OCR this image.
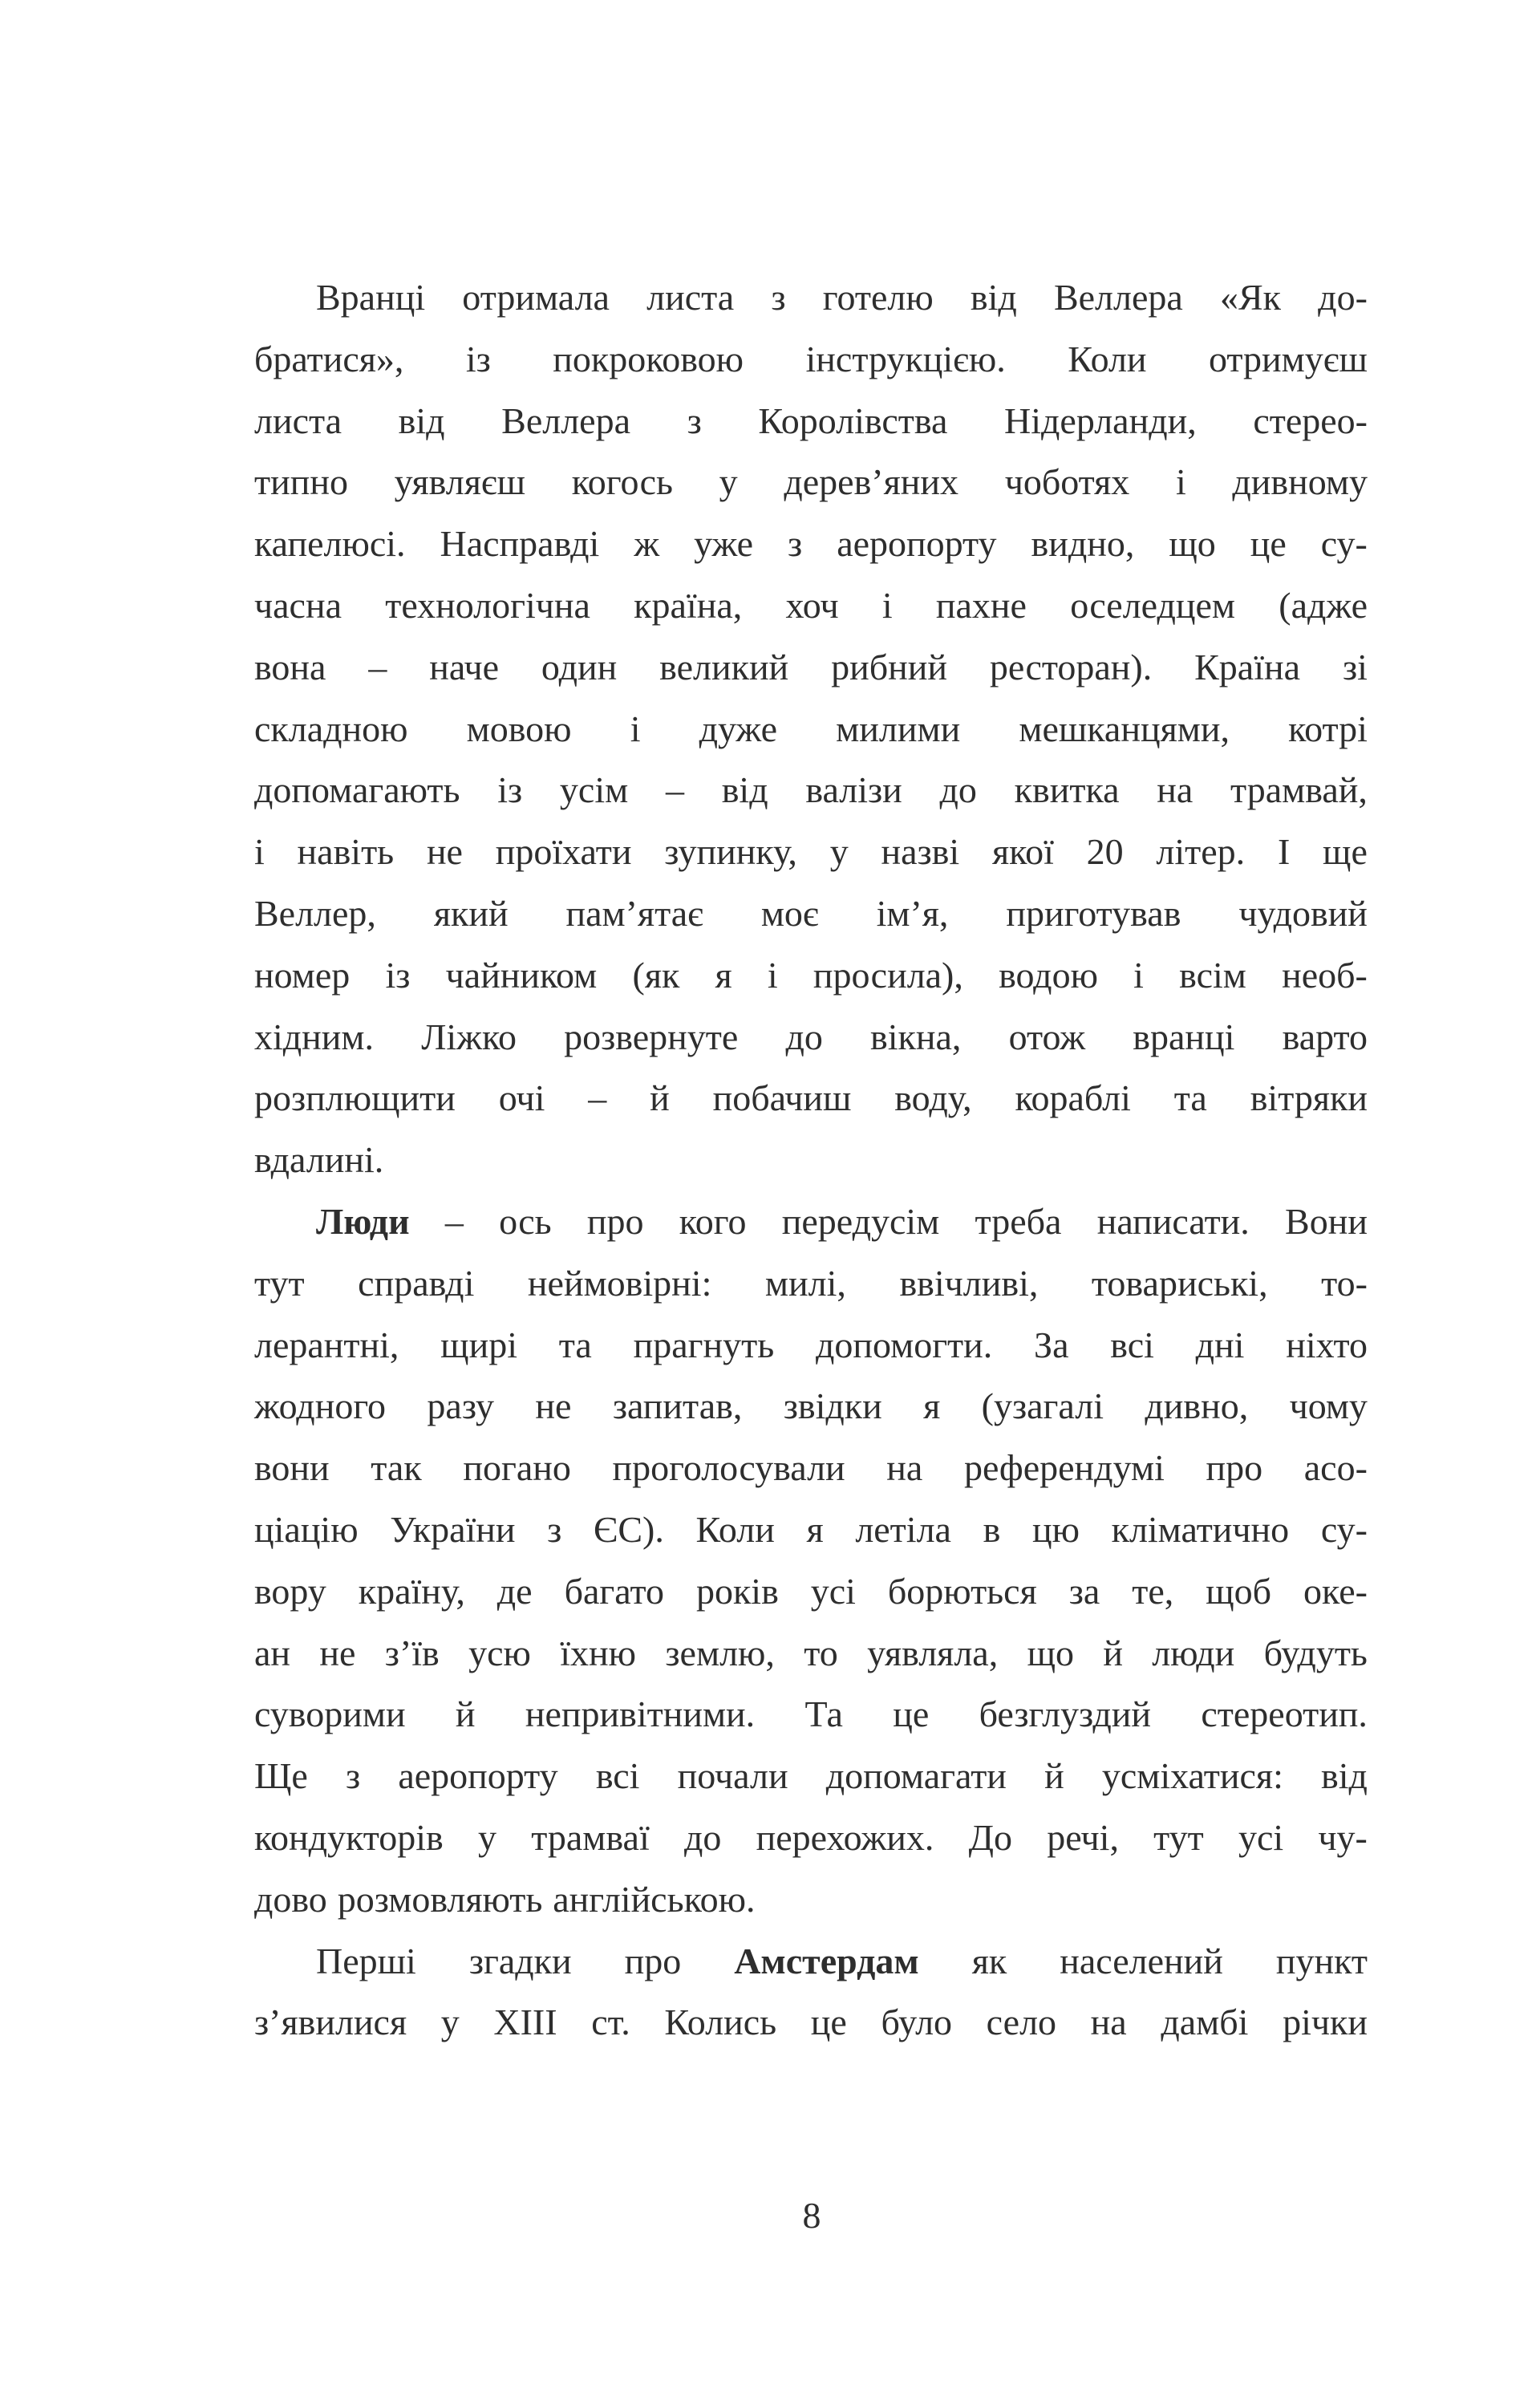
Вранці отримала листа з готелю від Веллера «Як до-
братися», із покроковою інструкцією. Коли отримуєш
листа від Веллера з Королівства Нідерланди, стерео-
типно уявляєш когось у дерев’яних чоботях і дивному
капелюсі. Насправді ж уже з аеропорту видно, що це су-
часна технологічна країна, хоч і пахне оселедцем (адже
вона – наче один великий рибний ресторан). Країна зі
складною мовою і дуже милими мешканцями, котрі
допомагають із усім – від валізи до квитка на трамвай,
і навіть не проїхати зупинку, у назві якої 20 літер. І ще
Веллер, який пам’ятає моє ім’я, приготував чудовий
номер із чайником (як я і просила), водою і всім необ-
хідним. Ліжко розвернуте до вікна, отож вранці варто
розплющити очі – й побачиш воду, кораблі та вітряки
вдалині.
Люди – ось про кого передусім треба написати. Вони
тут справді неймовірні: милі, ввічливі, товариські, то-
лерантні, щирі та прагнуть допомогти. За всі дні ніхто
жодного разу не запитав, звідки я (узагалі дивно, чому
вони так погано проголосували на референдумі про асо-
ціацію України з ЄС). Коли я летіла в цю кліматично су-
вору країну, де багато років усі борються за те, щоб оке-
ан не з’їв усю їхню землю, то уявляла, що й люди будуть
суворими й непривітними. Та це безглуздий стереотип.
Ще з аеропорту всі почали допомагати й усміхатися: від
кондукторів у трамваї до перехожих. До речі, тут усі чу-
дово розмовляють англійською.
Перші згадки про Амстердам як населений пункт
з’явилися у XIII ст. Колись це було село на дамбі річки
8
